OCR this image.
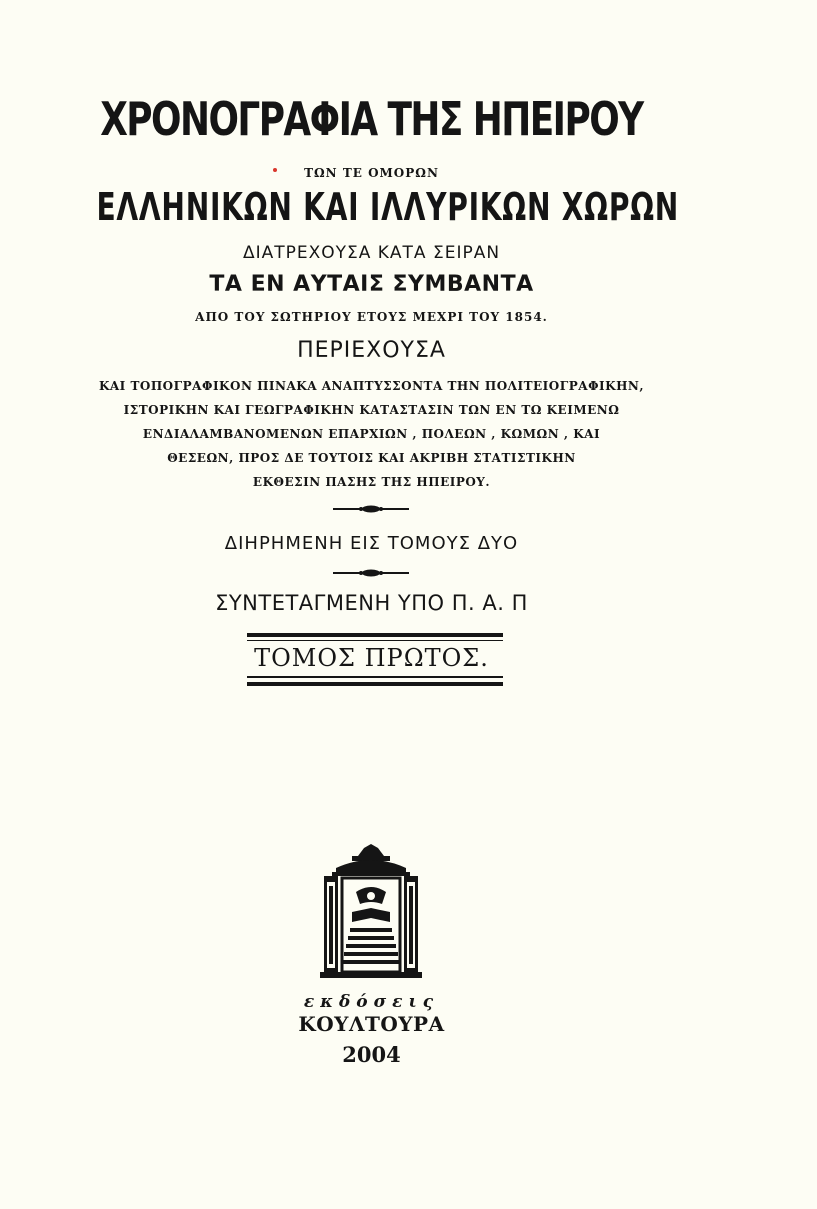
ΧΡΟΝΟΓΡΑΦΙΑ ΤΗΣ ΗΠΕΙΡΟΥ
ΤΩΝ ΤΕ ΟΜΟΡΩΝ
ΕΛΛΗΝΙΚΩΝ ΚΑΙ ΙΛΛΥΡΙΚΩΝ ΧΩΡΩΝ
ΔΙΑΤΡΕΧΟΥΣΑ ΚΑΤΑ ΣΕΙΡΑΝ
ΤΑ ΕΝ ΑΥΤΑΙΣ ΣΥΜΒΑΝΤΑ
ΑΠΟ ΤΟΥ ΣΩΤΗΡΙΟΥ ΕΤΟΥΣ ΜΕΧΡΙ ΤΟΥ 1854.
ΠΕΡΙΕΧΟΥΣΑ
ΚΑΙ ΤΟΠΟΓΡΑΦΙΚΟΝ ΠΙΝΑΚΑ ΑΝΑΠΤΥΣΣΟΝΤΑ ΤΗΝ ΠΟΛΙΤΕΙΟΓΡΑΦΙΚΗΝ,
ΙΣΤΟΡΙΚΗΝ ΚΑΙ ΓΕΩΓΡΑΦΙΚΗΝ ΚΑΤΑΣΤΑΣΙΝ ΤΩΝ ΕΝ ΤΩ ΚΕΙΜΕΝΩ
ΕΝΔΙΑΛΑΜΒΑΝΟΜΕΝΩΝ ΕΠΑΡΧΙΩΝ , ΠΟΛΕΩΝ , ΚΩΜΩΝ , ΚΑΙ
ΘΕΣΕΩΝ, ΠΡΟΣ ΔΕ ΤΟΥΤΟΙΣ ΚΑΙ ΑΚΡΙΒΗ ΣΤΑΤΙΣΤΙΚΗΝ
ΕΚΘΕΣΙΝ ΠΑΣΗΣ ΤΗΣ ΗΠΕΙΡΟΥ.
ΔΙΗΡΗΜΕΝΗ ΕΙΣ ΤΟΜΟΥΣ ΔΥΟ
ΣΥΝΤΕΤΑΓΜΕΝΗ ΥΠΟ Π. Α. Π
ΤΟΜΟΣ ΠΡΩΤΟΣ.
εκδόσεις
ΚΟΥΛΤΟΥΡΑ
2004
